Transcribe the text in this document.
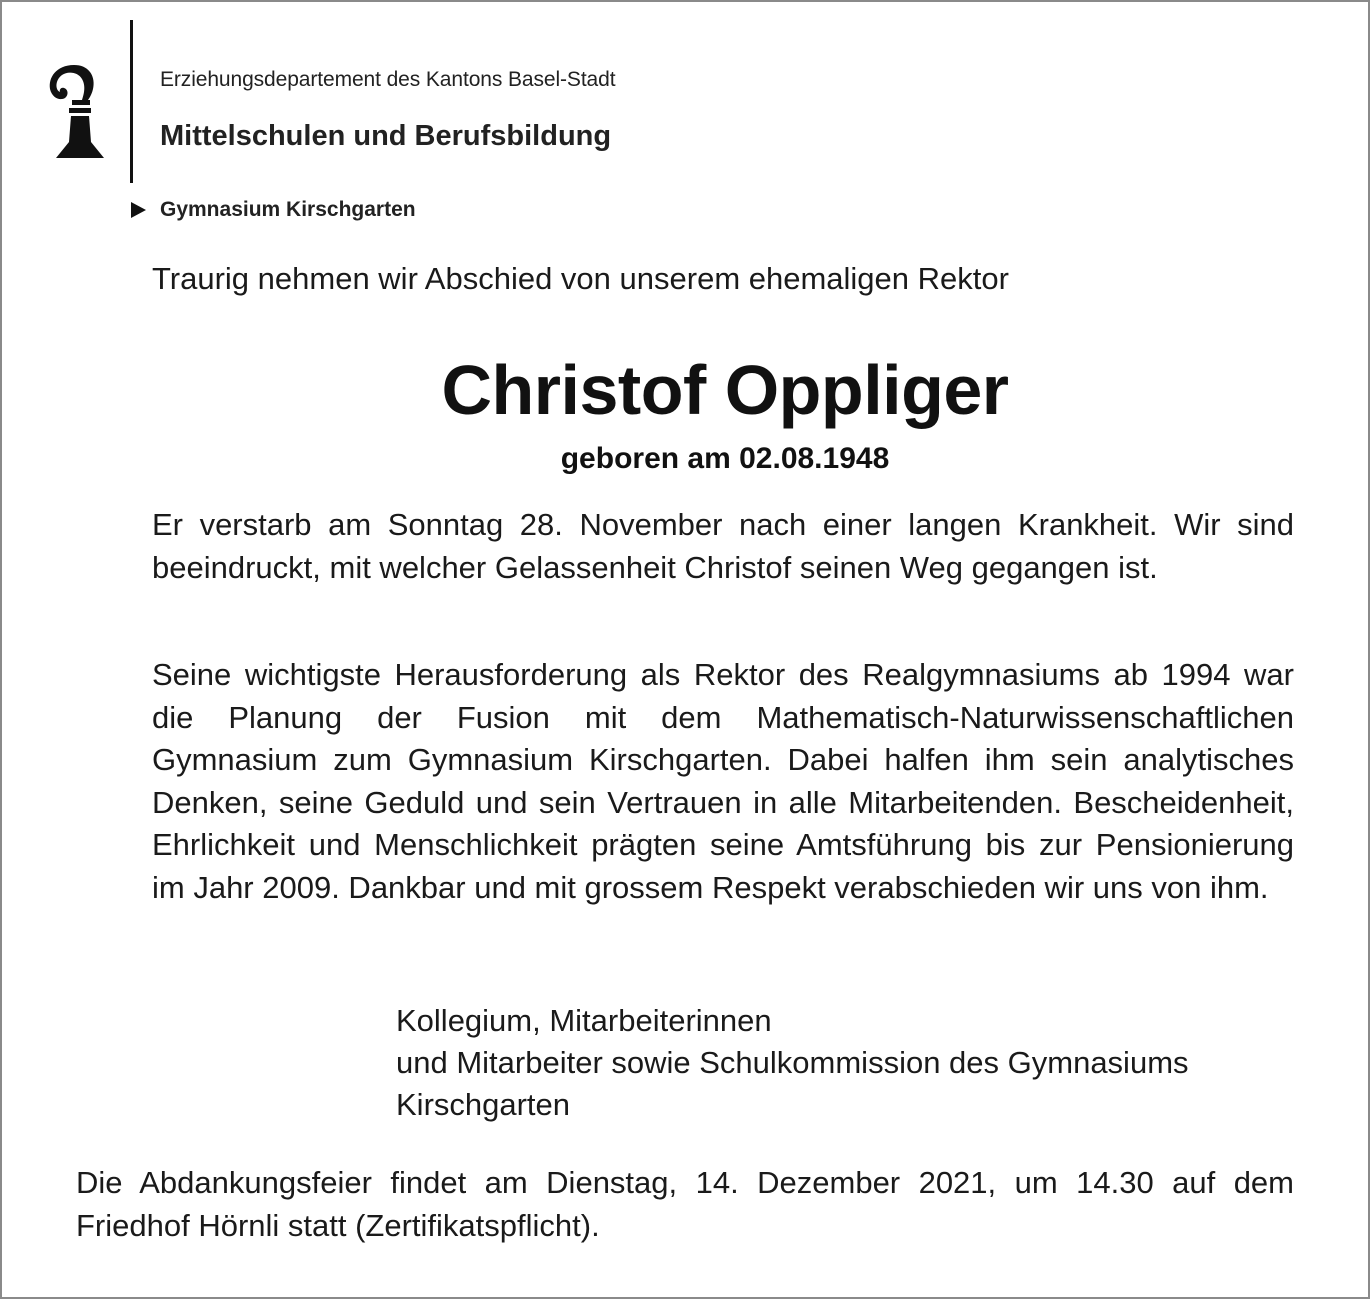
Erziehungsdepartement des Kantons Basel-Stadt
Mittelschulen und Berufsbildung
Gymnasium Kirschgarten
Traurig nehmen wir Abschied von unserem ehemaligen Rektor
Christof Oppliger
geboren am 02.08.1948

Er verstarb am Sonntag 28. November nach einer langen Krankheit. Wir sind beeindruckt, mit welcher Gelassenheit Christof seinen Weg gegangen ist.

Seine wichtigste Herausforderung als Rektor des Realgymnasiums ab 1994 war die Planung der Fusion mit dem Mathematisch-Naturwissenschaftlichen Gymnasium zum Gymnasium Kirschgarten. Dabei halfen ihm sein analytisches Denken, seine Geduld und sein Vertrauen in alle Mitarbeitenden. Bescheidenheit, Ehrlichkeit und Menschlichkeit prägten seine Amtsführung bis zur Pensionierung im Jahr 2009. Dankbar und mit grossem Respekt verabschieden wir uns von ihm.

Kollegium, Mitarbeiterinnen
und Mitarbeiter sowie Schulkommission des Gymnasiums
Kirschgarten

Die Abdankungsfeier findet am Dienstag, 14. Dezember 2021, um 14.30 auf dem Friedhof Hörnli statt (Zertifikatspflicht).
